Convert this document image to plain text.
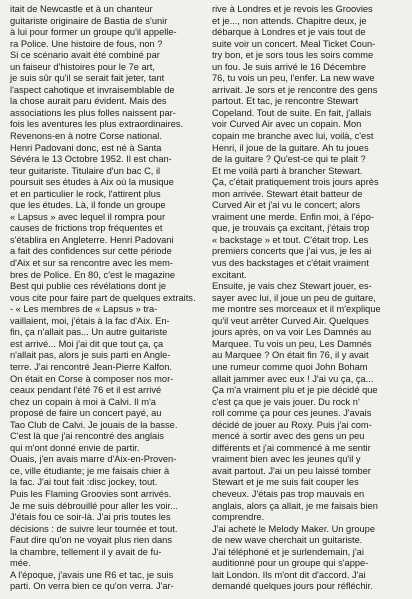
itait de Newcastle et à un chanteur
guitariste originaire de Bastia de s'unir
à lui pour former un groupe qu'il appelle-
ra Police. Une histoire de fous, non ?
Si ce scénario avait été combiné par
un faiseur d'histoires pour le 7e art,
je suis sûr qu'il se serait fait jeter, tant
l'aspect cahotique et invraisemblable de
la chose aurait paru évident. Mais des
associations les plus folles naissent par-
fois les aventures les plus extraordinaires.
Revenons-en à notre Corse national.

Henri Padovani donc, est né à Santa
Sévéra le 13 Octobre 1952. Il est chan-
teur guitariste. Titulaire d'un bac C, il
poursuit ses études à Aix où la musique
et en particulier le rock, l'attirent plus
que les études. Là, il fonde un groupe
« Lapsus » avec lequel il rompra pour
causes de frictions trop fréquentes et
s'établira en Angleterre. Henri Padovani
a fait des confidences sur cette période
d'Aix et sur sa rencontre avec les mem-
bres de Police. En 80, c'est le magazine
Best qui publie ces révélations dont je
vous cite pour faire part de quelques extraits.

- « Les membres de « Lapsus » tra-
vaillaient, moi, j'étais à la fac d'Aix. En-
fin, ça n'allait pas... Un autre guitariste
est arrivé... Moi j'ai dit que tout ça, ça
n'allait pas, alors je suis parti en Angle-
terre. J'ai rencontré Jean-Pierre Kalfon.
On était en Corse à composer nos mor-
ceaux pendant l'été 76 et il est arrivé
chez un copain à moi à Calvi. Il m'a
proposé de faire un concert payé, au
Tao Club de Calvi. Je jouais de la basse.
C'est là que j'ai rencontré des anglais
qui m'ont donné envie de partir.

Ouais, j'en avais marre d'Aix-en-Proven-
ce, ville étudiante; je me faisais chier à
la fac. J'ai tout fait :disc jockey, tout.
Puis les Flaming Groovies sont arrivés.
Je me suis débrouillé pour aller les voir...
J'étais fou ce soir-là. J'ai pris toutes les
décisions : de suivre leur tournée et tout.
Faut dire qu'on ne voyait plus rien dans
la chambre, tellement il y avait de fu-
mée.

A l'époque, j'avais une R6 et tac, je suis
parti. On verra bien ce qu'on verra. J'ar-

rive à Londres et je revois les Groovies
et je..., non attends. Chapitre deux, je
débarque à Londres et je vais tout de
suite voir un concert. Meal Ticket Coun-
try bon, et je sors tous les soirs comme
un fou. Je suis arrivé le 16 Décembre
76, tu vois un peu, l'enfer. La new wave
arrivait. Je sors et je rencontre des gens
partout. Et tac, je rencontre Stewart
Copeland. Tout de suite. En fait, j'allais
voir Curved Air avec un copain. Mon
copain me branche avec lui, voilà, c'est
Henri, il joue de la guitare. Ah tu joues
de la guitare ? Qu'est-ce qui te plait ?
Et me voilà parti à brancher Stewart.
Ça, c'était pratiquement trois jours après
mon arrivée. Stewart était batteur de
Curved Air et j'ai vu le concert; alors
vraiment une merde. Enfin moi, à l'épo-
que, je trouvais ça excitant, j'étais trop
« backstage » et tout. C'était trop. Les
premiers concerts que j'ai vus, je les ai
vus des backstages et c'était vraiment
excitant.

Ensuite, je vais chez Stewart jouer, es-
sayer avec lui, il joue un peu de guitare,
me montre ses morceaux et il m'explique
qu'il veut arrêter Curved Air. Quelques
jours après, on va voir Les Damnés au
Marquee. Tu vois un peu, Les Damnés
au Marquee ? On était fin 76, il y avait
une rumeur comme quoi John Boham
allait jammer avec eux ! J'ai vu ça, ça...
Ça m'a vraiment plu et je pie décidé que
c'est ça que je vais jouer. Du rock n'
roll comme ça pour ces jeunes. J'avais
décidé de jouer au Roxy. Puis j'ai com-
mencé à sortir avec des gens un peu
différents et j'ai commencé à me sentir
vraiment bien avec les jeunes qu'il y
avait partout. J'ai un peu laissé tomber
Stewart et je me suis fait couper les
cheveux. J'étais pas trop mauvais en
anglais, alors ça allait, je me faisais bien
comprendre.

J'ai acheté le Melody Maker. Un groupe
de new wave cherchait un guitariste.
J'ai téléphoné et je surlendemain, j'ai
auditionné pour un groupe qui s'appe-
lait London. Ils m'ont dit d'accord. J'ai
demandé quelques jours pour réfléchir.
